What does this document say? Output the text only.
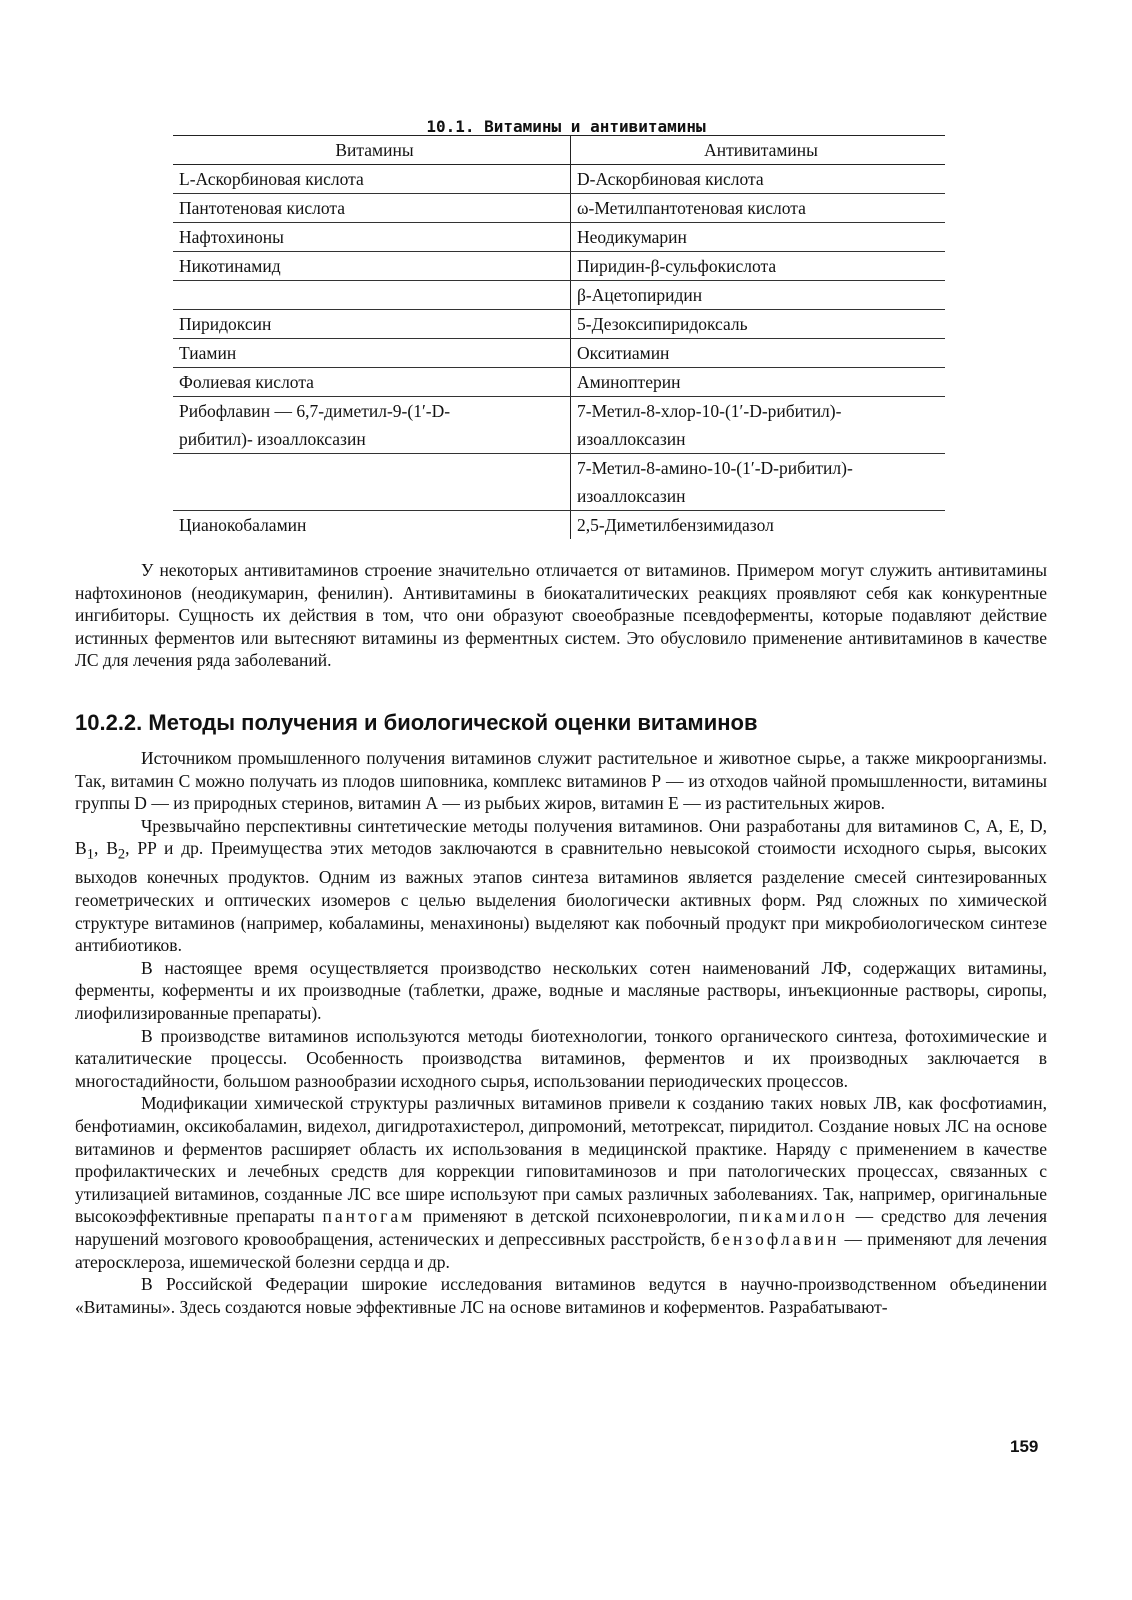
10.1. Витамины и антивитамины
Витамины	Антивитамины
L-Аскорбиновая кислота	D-Аскорбиновая кислота
Пантотеновая кислота	ω-Метилпантотеновая кислота
Нафтохиноны	Неодикумарин
Никотинамид	Пиридин-β-сульфокислота
	β-Ацетопиридин
Пиридоксин	5-Дезоксипиридоксаль
Тиамин	Окситиамин
Фолиевая кислота	Аминоптерин
Рибофлавин — 6,7-диметил-9-(1′-D-	7-Метил-8-хлор-10-(1′-D-рибитил)-
рибитил)- изоаллоксазин	изоаллоксазин
	7-Метил-8-амино-10-(1′-D-рибитил)-
	изоаллоксазин
Цианокобаламин	2,5-Диметилбензимидазол

У некоторых антивитаминов строение значительно отличается от витаминов. Примером могут служить антивитамины нафтохинонов (неодикумарин, фенилин). Антивитамины в биокаталитических реакциях проявляют себя как конкурентные ингибиторы. Сущность их действия в том, что они образуют своеобразные псевдоферменты, которые подавляют действие истинных ферментов или вытесняют витамины из ферментных систем. Это обусловило применение антивитаминов в качестве ЛС для лечения ряда заболеваний.

10.2.2. Методы получения и биологической оценки витаминов

Источником промышленного получения витаминов служит растительное и животное сырье, а также микроорганизмы. Так, витамин С можно получать из плодов шиповника, комплекс витаминов Р — из отходов чайной промышленности, витамины группы D — из природных стеринов, витамин А — из рыбьих жиров, витамин Е — из растительных жиров.

Чрезвычайно перспективны синтетические методы получения витаминов. Они разработаны для витаминов С, А, Е, D, $B_1$, $B_2$, PP и др. Преимущества этих методов заключаются в сравнительно невысокой стоимости исходного сырья, высоких выходов конечных продуктов. Одним из важных этапов синтеза витаминов является разделение смесей синтезированных геометрических и оптических изомеров с целью выделения биологически активных форм. Ряд сложных по химической структуре витаминов (например, кобаламины, менахиноны) выделяют как побочный продукт при микробиологическом синтезе антибиотиков.

В настоящее время осуществляется производство нескольких сотен наименований ЛФ, содержащих витамины, ферменты, коферменты и их производные (таблетки, драже, водные и масляные растворы, инъекционные растворы, сиропы, лиофилизированные препараты).

В производстве витаминов используются методы биотехнологии, тонкого органического синтеза, фотохимические и каталитические процессы. Особенность производства витаминов, ферментов и их производных заключается в многостадийности, большом разнообразии исходного сырья, использовании периодических процессов.

Модификации химической структуры различных витаминов привели к созданию таких новых ЛВ, как фосфотиамин, бенфотиамин, оксикобаламин, видехол, дигидротахистерол, дипромоний, метотрексат, пиридитол. Создание новых ЛС на основе витаминов и ферментов расширяет область их использования в медицинской практике. Наряду с применением в качестве профилактических и лечебных средств для коррекции гиповитаминозов и при патологических процессах, связанных с утилизацией витаминов, созданные ЛС все шире используют при самых различных заболеваниях. Так, например, оригинальные высокоэффективные препараты пантогам применяют в детской психоневрологии, пикамилон — средство для лечения нарушений мозгового кровообращения, астенических и депрессивных расстройств, бензофлавин — применяют для лечения атеросклероза, ишемической болезни сердца и др.

В Российской Федерации широкие исследования витаминов ведутся в научно-производственном объединении «Витамины». Здесь создаются новые эффективные ЛС на основе витаминов и коферментов. Разрабатывают-

159
